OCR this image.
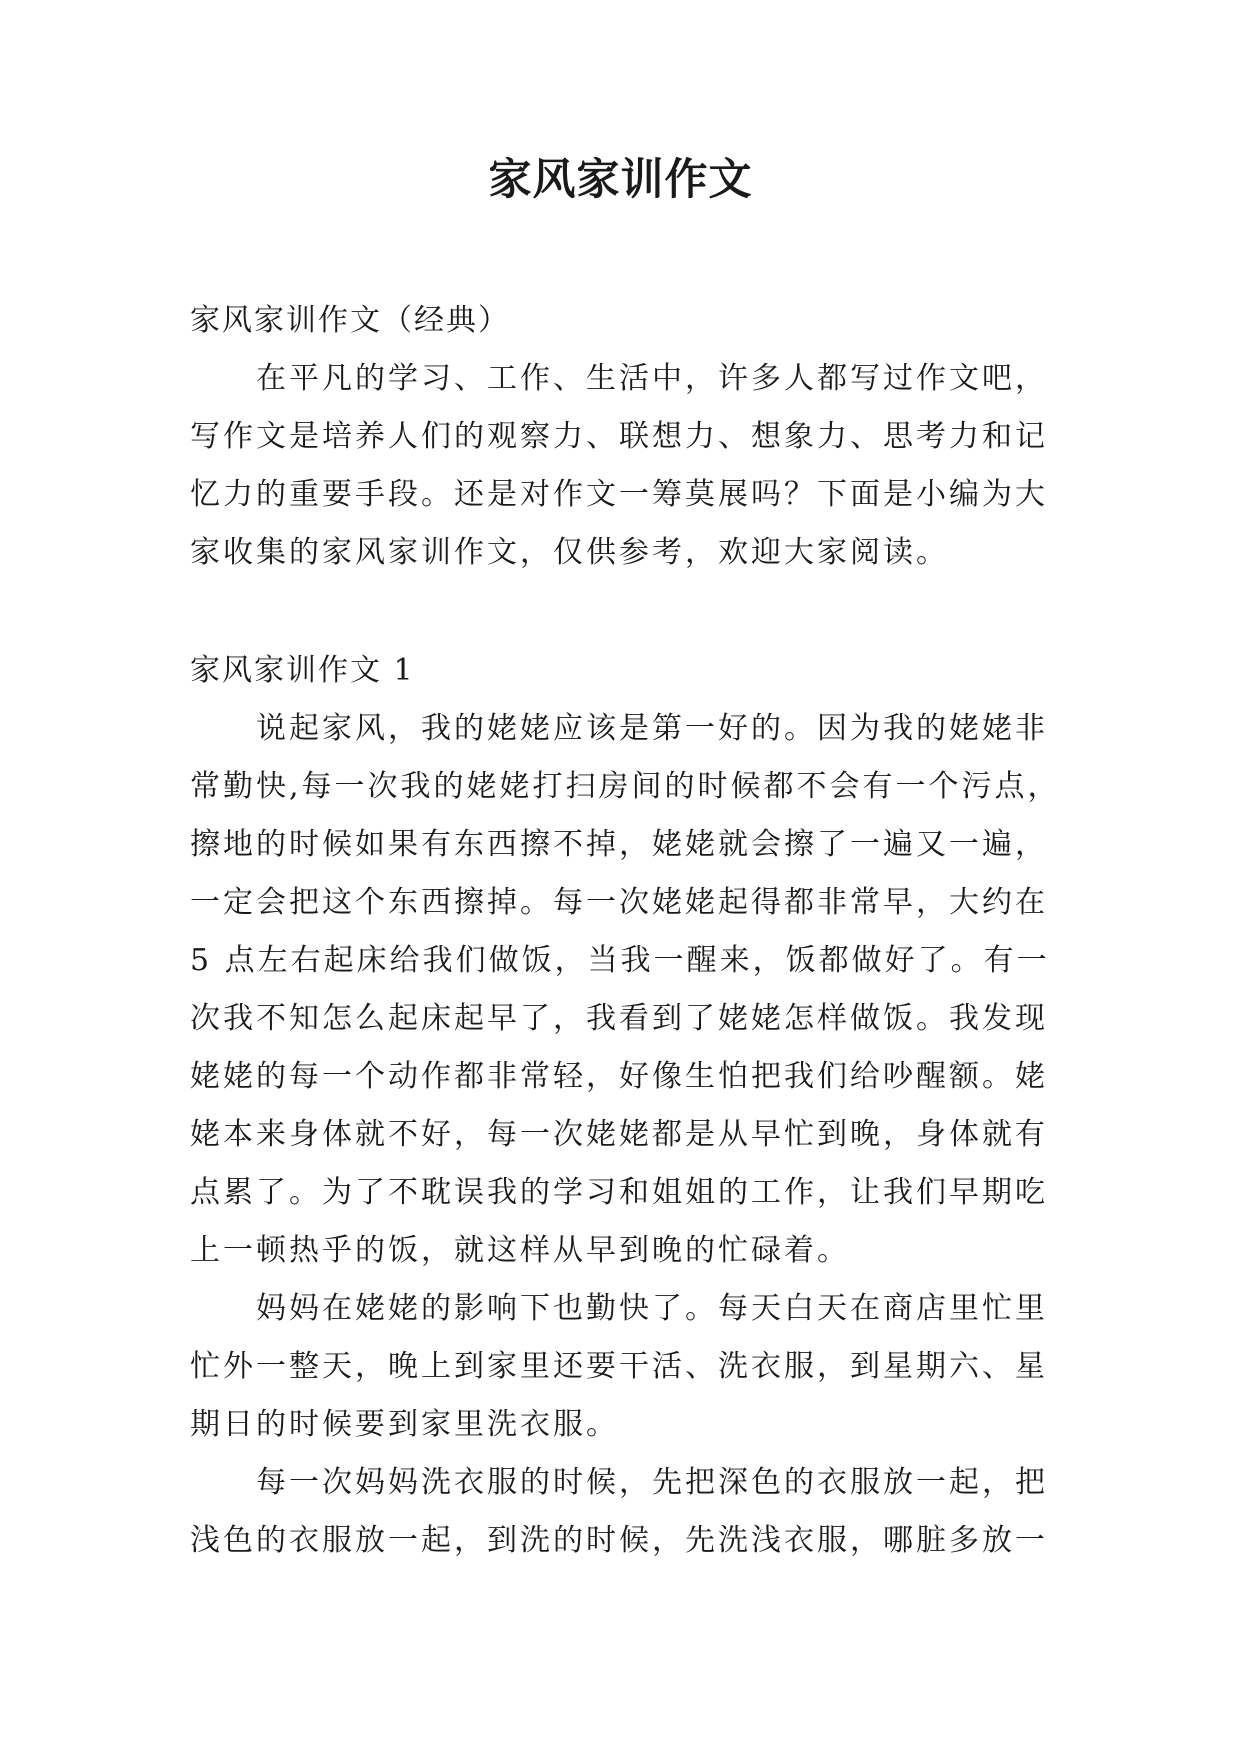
家风家训作文
家风家训作文（经典）
在平凡的学习、工作、生活中，许多人都写过作文吧，
写作文是培养人们的观察力、联想力、想象力、思考力和记
忆力的重要手段。还是对作文一筹莫展吗？下面是小编为大
家收集的家风家训作文，仅供参考，欢迎大家阅读。
家风家训作文 1
说起家风，我的姥姥应该是第一好的。因为我的姥姥非
常勤快,每一次我的姥姥打扫房间的时候都不会有一个污点，
擦地的时候如果有东西擦不掉，姥姥就会擦了一遍又一遍，
一定会把这个东西擦掉。每一次姥姥起得都非常早，大约在
5 点左右起床给我们做饭，当我一醒来，饭都做好了。有一
次我不知怎么起床起早了，我看到了姥姥怎样做饭。我发现
姥姥的每一个动作都非常轻，好像生怕把我们给吵醒额。姥
姥本来身体就不好，每一次姥姥都是从早忙到晚，身体就有
点累了。为了不耽误我的学习和姐姐的工作，让我们早期吃
上一顿热乎的饭，就这样从早到晚的忙碌着。
妈妈在姥姥的影响下也勤快了。每天白天在商店里忙里
忙外一整天，晚上到家里还要干活、洗衣服，到星期六、星
期日的时候要到家里洗衣服。
每一次妈妈洗衣服的时候，先把深色的衣服放一起，把
浅色的衣服放一起，到洗的时候，先洗浅衣服，哪脏多放一
